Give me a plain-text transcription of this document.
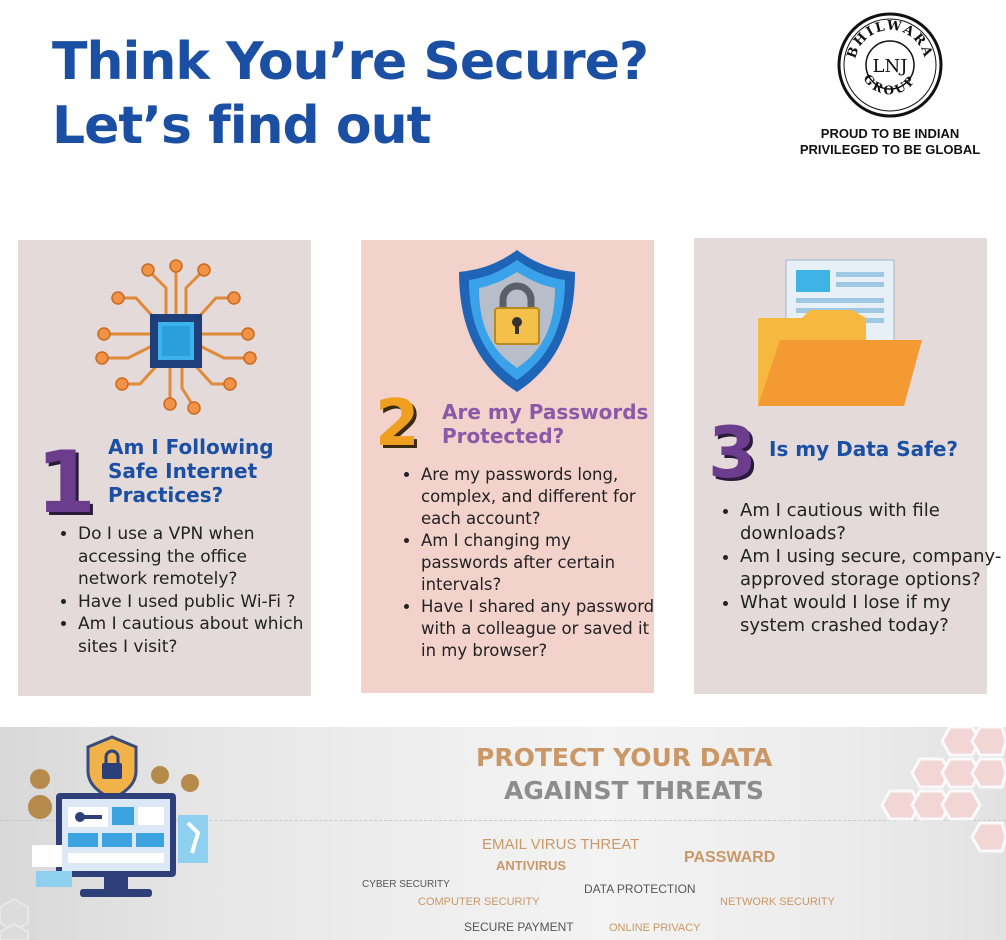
Think You’re Secure?
Let’s find out
BHILWARA
GROUP
LNJ
PROUD TO BE INDIAN
PRIVILEGED TO BE GLOBAL
1 Am I Following
Safe Internet
Practices?
• Do I use a VPN when accessing the office network remotely?
• Have I used public Wi-Fi ?
• Am I cautious about which sites I visit?
2 Are my Passwords
Protected?
• Are my passwords long, complex, and different for each account?
• Am I changing my passwords after certain intervals?
• Have I shared any password with a colleague or saved it in my browser?
3 Is my Data Safe?
• Am I cautious with file downloads?
• Am I using secure, company-approved storage options?
• What would I lose if my system crashed today?
PROTECT YOUR DATA
AGAINST THREATS
EMAIL VIRUS THREAT
ANTIVIRUS	PASSWARD
CYBER SECURITY	DATA PROTECTION
COMPUTER SECURITY	NETWORK SECURITY
SECURE PAYMENT	ONLINE PRIVACY
